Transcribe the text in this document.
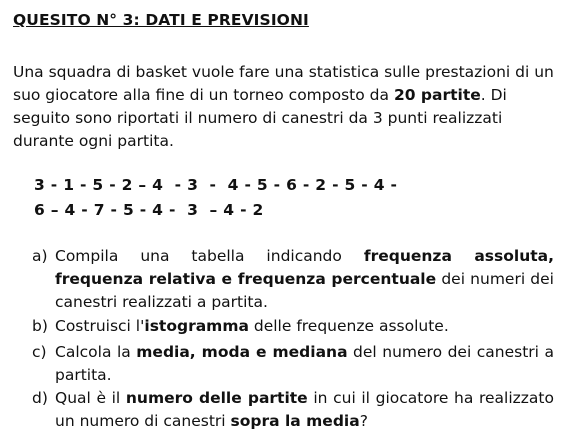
QUESITO N° 3: DATI E PREVISIONI

Una squadra di basket vuole fare una statistica sulle prestazioni di un suo giocatore alla fine di un torneo composto da 20 partite. Di seguito sono riportati il numero di canestri da 3 punti realizzati durante ogni partita.

3 - 1 - 5 - 2 – 4  - 3  -  4 - 5 - 6 - 2 - 5 - 4 -
6 – 4 - 7 - 5 - 4 -  3  – 4 - 2
a) Compila una tabella indicando frequenza assoluta, frequenza relativa e frequenza percentuale dei numeri dei canestri realizzati a partita.
b) Costruisci l'istogramma delle frequenze assolute.
c) Calcola la media, moda e mediana del numero dei canestri a partita.
d) Qual è il numero delle partite in cui il giocatore ha realizzato un numero di canestri sopra la media?
